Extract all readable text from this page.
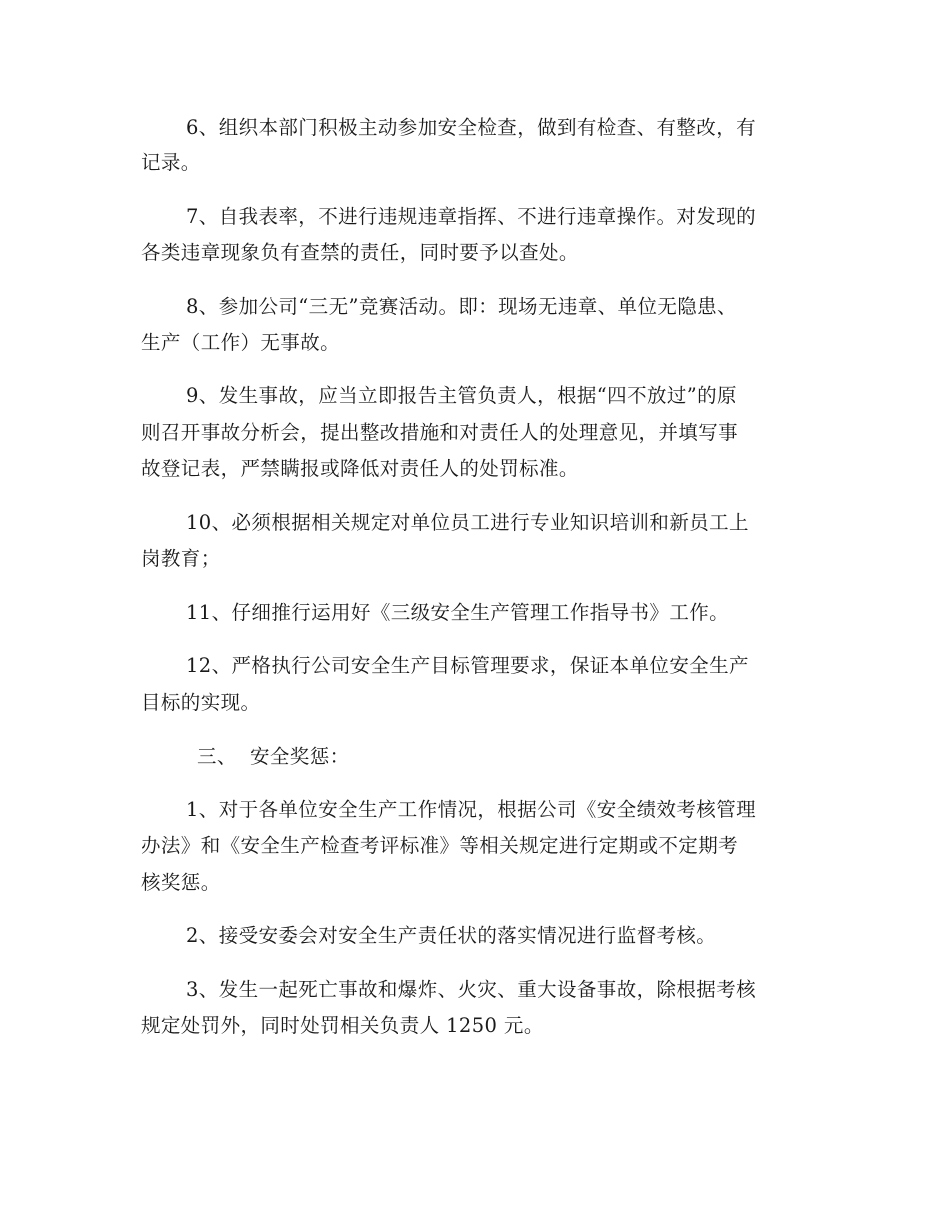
6、组织本部门积极主动参加安全检查，做到有检查、有整改，有

记录。

7、自我表率，不进行违规违章指挥、不进行违章操作。对发现的

各类违章现象负有查禁的责任，同时要予以查处。

8、参加公司“三无”竞赛活动。即：现场无违章、单位无隐患、

生产（工作）无事故。

9、发生事故，应当立即报告主管负责人，根据“四不放过”的原

则召开事故分析会，提出整改措施和对责任人的处理意见，并填写事

故登记表，严禁瞒报或降低对责任人的处罚标准。

10、必须根据相关规定对单位员工进行专业知识培训和新员工上

岗教育；

11、仔细推行运用好《三级安全生产管理工作指导书》工作。

12、严格执行公司安全生产目标管理要求，保证本单位安全生产

目标的实现。

三、  安全奖惩：

1、对于各单位安全生产工作情况，根据公司《安全绩效考核管理

办法》和《安全生产检查考评标准》等相关规定进行定期或不定期考

核奖惩。

2、接受安委会对安全生产责任状的落实情况进行监督考核。

3、发生一起死亡事故和爆炸、火灾、重大设备事故，除根据考核

规定处罚外，同时处罚相关负责人 1250 元。
